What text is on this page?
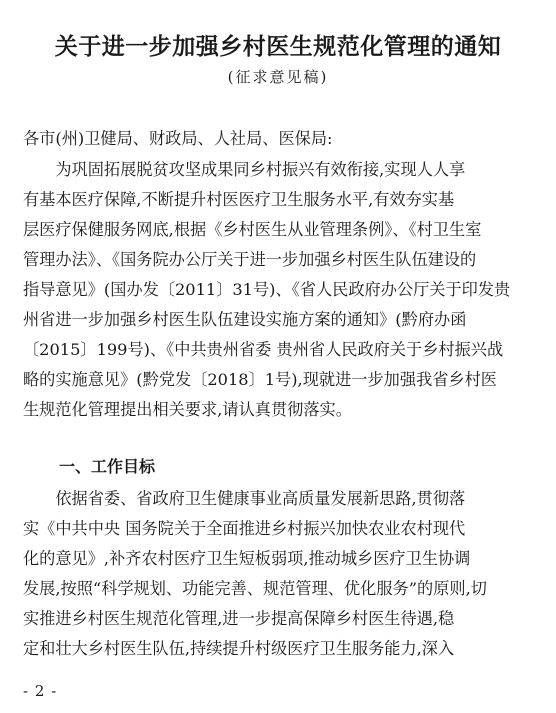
关于进一步加强乡村医生规范化管理的通知
(征求意见稿)
各市(州)卫健局、财政局、人社局、医保局:
　　为巩固拓展脱贫攻坚成果同乡村振兴有效衔接,实现人人享
有基本医疗保障,不断提升村医医疗卫生服务水平,有效夯实基
层医疗保健服务网底,根据《乡村医生从业管理条例》、《村卫生室
管理办法》、《国务院办公厅关于进一步加强乡村医生队伍建设的
指导意见》(国办发〔2011〕31号)、《省人民政府办公厅关于印发贵
州省进一步加强乡村医生队伍建设实施方案的通知》(黔府办函
〔2015〕199号)、《中共贵州省委 贵州省人民政府关于乡村振兴战
略的实施意见》(黔党发〔2018〕1号),现就进一步加强我省乡村医
生规范化管理提出相关要求,请认真贯彻落实。
一、工作目标
　　依据省委、省政府卫生健康事业高质量发展新思路,贯彻落
实《中共中央 国务院关于全面推进乡村振兴加快农业农村现代
化的意见》,补齐农村医疗卫生短板弱项,推动城乡医疗卫生协调
发展,按照“科学规划、功能完善、规范管理、优化服务”的原则,切
实推进乡村医生规范化管理,进一步提高保障乡村医生待遇,稳
定和壮大乡村医生队伍,持续提升村级医疗卫生服务能力,深入
- 2 -
